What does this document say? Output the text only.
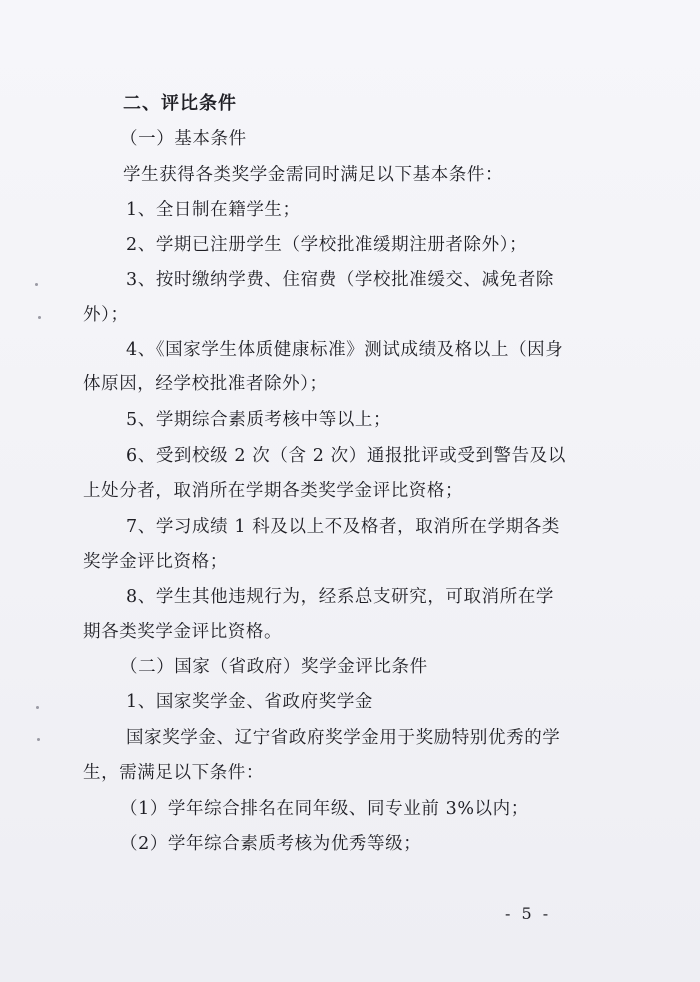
二、评比条件
（一）基本条件
学生获得各类奖学金需同时满足以下基本条件：
1、全日制在籍学生；
2、学期已注册学生（学校批准缓期注册者除外）；
3、按时缴纳学费、住宿费（学校批准缓交、减免者除
外）；
4、《国家学生体质健康标准》测试成绩及格以上（因身
体原因，经学校批准者除外）；
5、学期综合素质考核中等以上；
6、受到校级 2 次（含 2 次）通报批评或受到警告及以
上处分者，取消所在学期各类奖学金评比资格；
7、学习成绩 1 科及以上不及格者，取消所在学期各类
奖学金评比资格；
8、学生其他违规行为，经系总支研究，可取消所在学
期各类奖学金评比资格。
（二）国家（省政府）奖学金评比条件
1、国家奖学金、省政府奖学金
国家奖学金、辽宁省政府奖学金用于奖励特别优秀的学
生，需满足以下条件：
（1）学年综合排名在同年级、同专业前 3%以内；
（2）学年综合素质考核为优秀等级；
- 5 -
